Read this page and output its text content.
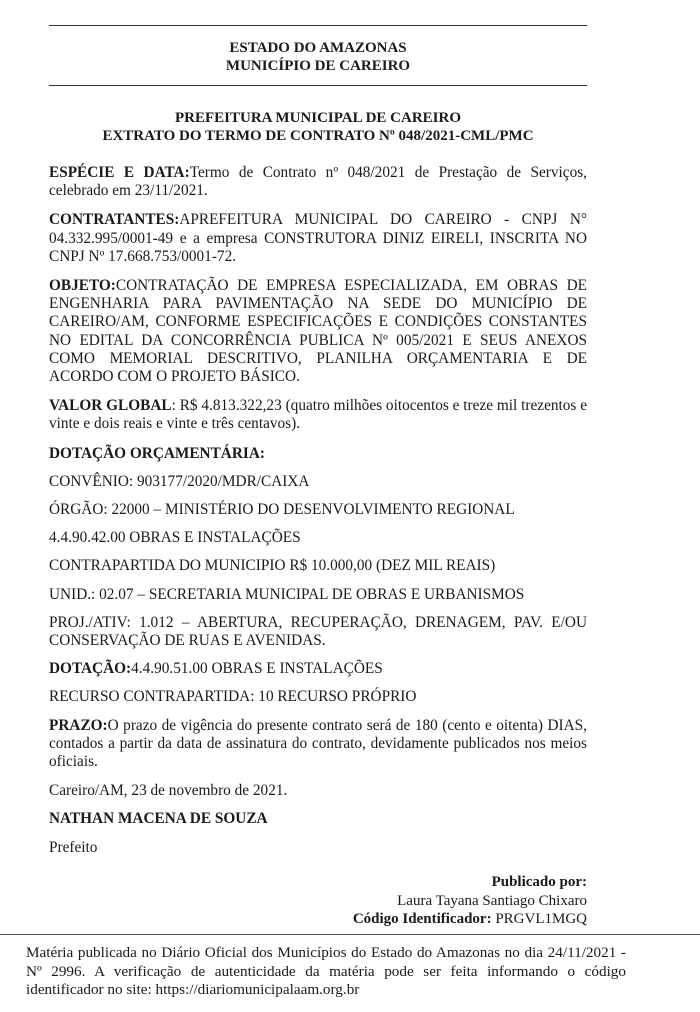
ESTADO DO AMAZONAS
MUNICÍPIO DE CAREIRO
PREFEITURA MUNICIPAL DE CAREIRO
EXTRATO DO TERMO DE CONTRATO Nº 048/2021-CML/PMC

ESPÉCIE E DATA:Termo de Contrato nº 048/2021 de Prestação de Serviços, celebrado em 23/11/2021.

CONTRATANTES:APREFEITURA MUNICIPAL DO CAREIRO - CNPJ N° 04.332.995/0001-49 e a empresa CONSTRUTORA DINIZ EIRELI, INSCRITA NO CNPJ Nº 17.668.753/0001-72.

OBJETO:CONTRATAÇÃO DE EMPRESA ESPECIALIZADA, EM OBRAS DE ENGENHARIA PARA PAVIMENTAÇÃO NA SEDE DO MUNICÍPIO DE CAREIRO/AM, CONFORME ESPECIFICAÇÕES E CONDIÇÕES CONSTANTES NO EDITAL DA CONCORRÊNCIA PUBLICA Nº 005/2021 E SEUS ANEXOS COMO MEMORIAL DESCRITIVO, PLANILHA ORÇAMENTARIA E DE ACORDO COM O PROJETO BÁSICO.

VALOR GLOBAL: R$ 4.813.322,23 (quatro milhões oitocentos e treze mil trezentos e vinte e dois reais e vinte e três centavos).

DOTAÇÃO ORÇAMENTÁRIA:

CONVÊNIO: 903177/2020/MDR/CAIXA

ÓRGÃO: 22000 – MINISTÉRIO DO DESENVOLVIMENTO REGIONAL

4.4.90.42.00 OBRAS E INSTALAÇÕES

CONTRAPARTIDA DO MUNICIPIO R$ 10.000,00 (DEZ MIL REAIS)

UNID.: 02.07 – SECRETARIA MUNICIPAL DE OBRAS E URBANISMOS

PROJ./ATIV: 1.012 – ABERTURA, RECUPERAÇÃO, DRENAGEM, PAV. E/OU CONSERVAÇÃO DE RUAS E AVENIDAS.

DOTAÇÃO:4.4.90.51.00 OBRAS E INSTALAÇÕES

RECURSO CONTRAPARTIDA: 10 RECURSO PRÓPRIO

PRAZO:O prazo de vigência do presente contrato será de 180 (cento e oitenta) DIAS, contados a partir da data de assinatura do contrato, devidamente publicados nos meios oficiais.

Careiro/AM, 23 de novembro de 2021.

NATHAN MACENA DE SOUZA

Prefeito

Publicado por:
Laura Tayana Santiago Chixaro
Código Identificador: PRGVL1MGQ
Matéria publicada no Diário Oficial dos Municípios do Estado do Amazonas no dia 24/11/2021 - Nº 2996. A verificação de autenticidade da matéria pode ser feita informando o código identificador no site: https://diariomunicipalaam.org.br
